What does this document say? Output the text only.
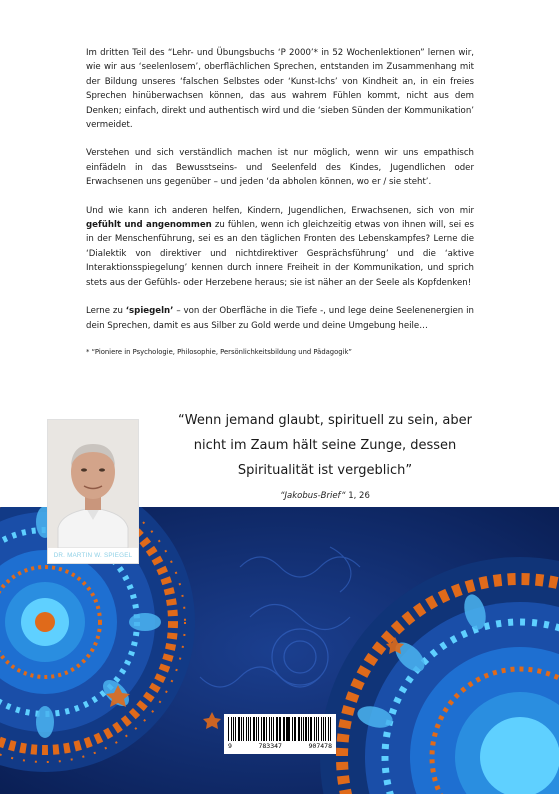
Im dritten Teil des “Lehr- und Übungsbuchs ‘P 2000’* in 52 Wochenlektionen” lernen wir, wie wir aus ‘seelenlosem’, oberflächlichen Sprechen, entstanden im Zusammenhang mit der Bildung unseres ‘falschen Selbstes oder ‘Kunst-Ichs’ von Kindheit an, in ein freies Sprechen hinüberwachsen können, das aus wahrem Fühlen kommt, nicht aus dem Denken; einfach, direkt und authentisch wird und die ‘sieben Sünden der Kommunikation’ vermeidet.

Verstehen und sich verständlich machen ist nur möglich, wenn wir uns empathisch einfädeln in das Bewusstseins- und Seelenfeld des Kindes, Jugendlichen oder Erwachsenen uns gegenüber – und jeden ‘da abholen können, wo er / sie steht’.

Und wie kann ich anderen helfen, Kindern, Jugendlichen, Erwachsenen, sich von mir gefühlt und angenommen zu fühlen, wenn ich gleichzeitig etwas von ihnen will, sei es in der Menschenführung, sei es an den täglichen Fronten des Lebenskampfes? Lerne die ‘Dialektik von direktiver und nichtdirektiver Gesprächsführung’ und die ‘aktive Interaktionsspiegelung’ kennen durch innere Freiheit in der Kommunikation, und sprich stets aus der Gefühls- oder Herzebene heraus; sie ist näher an der Seele als Kopfdenken!

Lerne zu ‘spiegeln’ – von der Oberfläche in die Tiefe -, und lege deine Seelenenergien in dein Sprechen, damit es aus Silber zu Gold werde und deine Umgebung heile…

* “Pioniere in Psychologie, Philosophie, Persönlichkeitsbildung und Pädagogik”
“Wenn jemand glaubt, spirituell zu sein, aber
nicht im Zaum hält seine Zunge, dessen
Spiritualität ist vergeblich”
“Jakobus-Brief“ 1, 26
DR. MARTIN W. SPIEGEL
9	783347	907478
